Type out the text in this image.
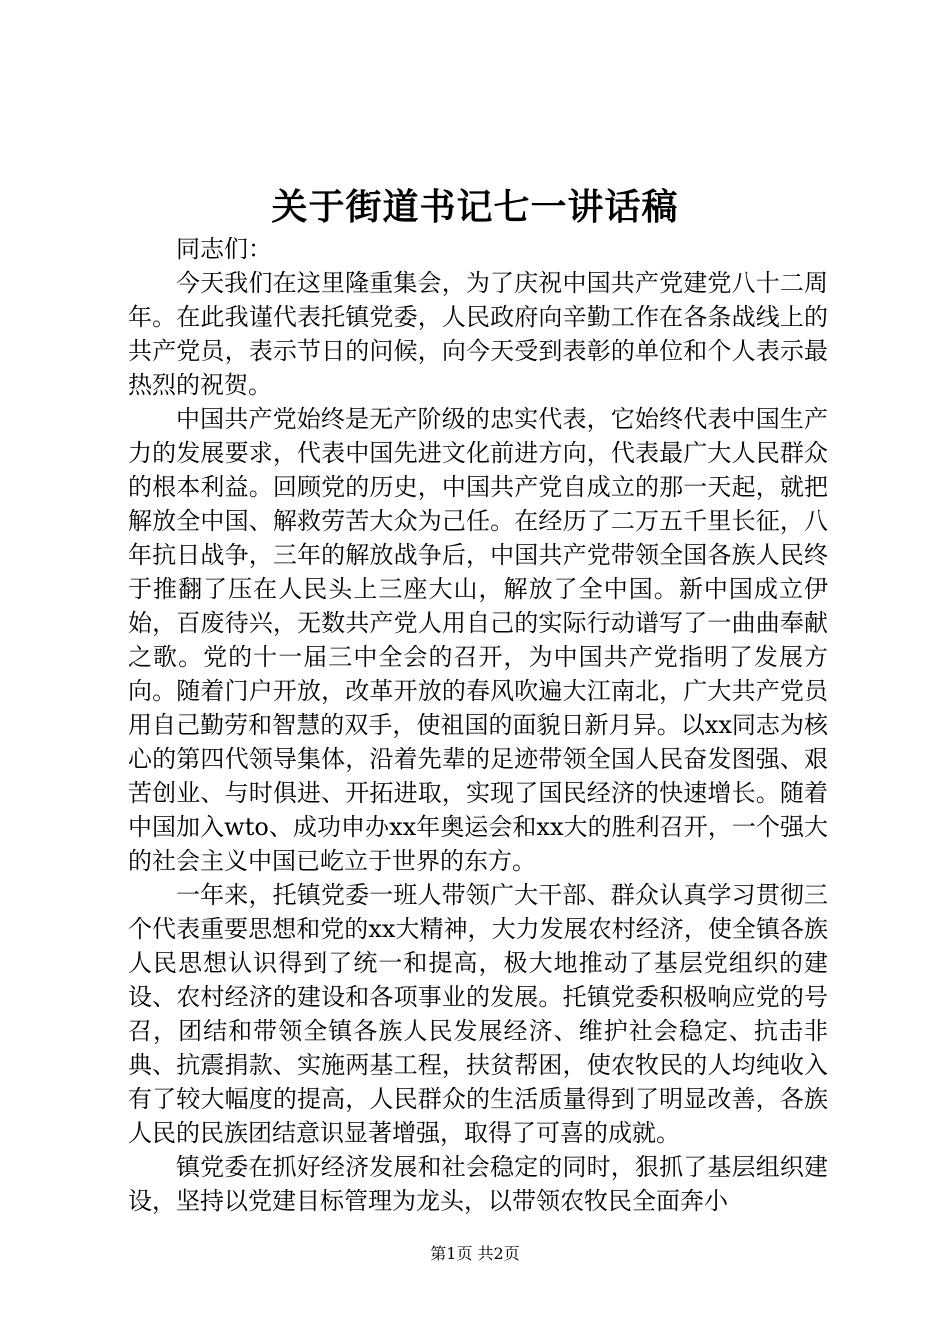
关于街道书记七一讲话稿

同志们：

今天我们在这里隆重集会，为了庆祝中国共产党建党八十二周年。在此我谨代表托镇党委，人民政府向辛勤工作在各条战线上的共产党员，表示节日的问候，向今天受到表彰的单位和个人表示最热烈的祝贺。

中国共产党始终是无产阶级的忠实代表，它始终代表中国生产力的发展要求，代表中国先进文化前进方向，代表最广大人民群众的根本利益。回顾党的历史，中国共产党自成立的那一天起，就把解放全中国、解救劳苦大众为己任。在经历了二万五千里长征，八年抗日战争，三年的解放战争后，中国共产党带领全国各族人民终于推翻了压在人民头上三座大山，解放了全中国。新中国成立伊始，百废待兴，无数共产党人用自己的实际行动谱写了一曲曲奉献之歌。党的十一届三中全会的召开，为中国共产党指明了发展方向。随着门户开放，改革开放的春风吹遍大江南北，广大共产党员用自己勤劳和智慧的双手，使祖国的面貌日新月异。以xx同志为核心的第四代领导集体，沿着先辈的足迹带领全国人民奋发图强、艰苦创业、与时俱进、开拓进取，实现了国民经济的快速增长。随着中国加入wto、成功申办xx年奥运会和xx大的胜利召开，一个强大的社会主义中国已屹立于世界的东方。

一年来，托镇党委一班人带领广大干部、群众认真学习贯彻三个代表重要思想和党的xx大精神，大力发展农村经济，使全镇各族人民思想认识得到了统一和提高，极大地推动了基层党组织的建设、农村经济的建设和各项事业的发展。托镇党委积极响应党的号召，团结和带领全镇各族人民发展经济、维护社会稳定、抗击非典、抗震捐款、实施两基工程，扶贫帮困，使农牧民的人均纯收入有了较大幅度的提高，人民群众的生活质量得到了明显改善，各族人民的民族团结意识显著增强，取得了可喜的成就。

镇党委在抓好经济发展和社会稳定的同时，狠抓了基层组织建设，坚持以党建目标管理为龙头，以带领农牧民全面奔小

第1页 共2页
